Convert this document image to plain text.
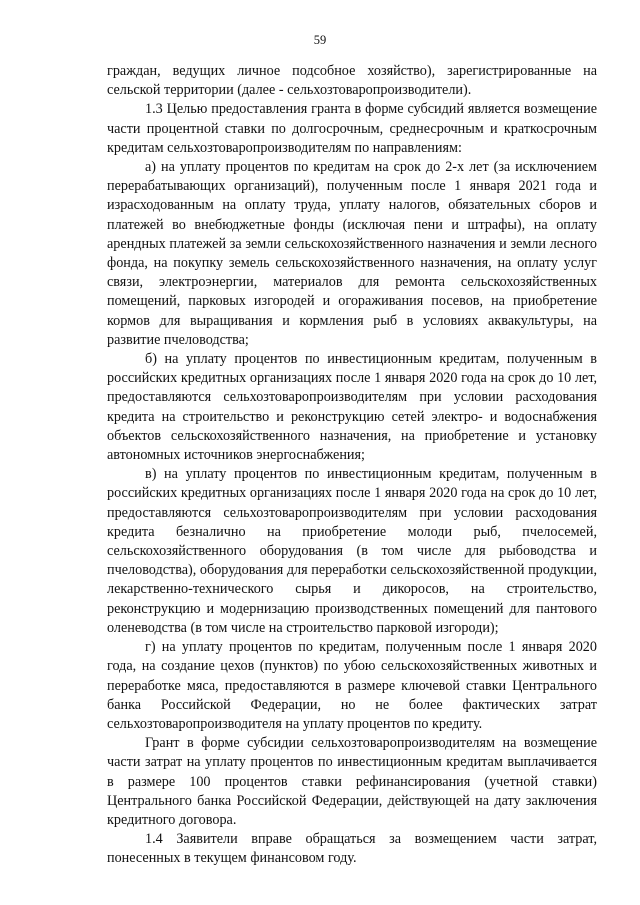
59

граждан, ведущих личное подсобное хозяйство), зарегистрированные на сельской территории (далее - сельхозтоваропроизводители).

1.3 Целью предоставления гранта в форме субсидий является возмещение части процентной ставки по долгосрочным, среднесрочным и краткосрочным кредитам сельхозтоваропроизводителям по направлениям:

а) на уплату процентов по кредитам на срок до 2-х лет (за исключением перерабатывающих организаций), полученным после 1 января 2021 года и израсходованным на оплату труда, уплату налогов, обязательных сборов и платежей во внебюджетные фонды (исключая пени и штрафы), на оплату арендных платежей за земли сельскохозяйственного назначения и земли лесного фонда, на покупку земель сельскохозяйственного назначения, на оплату услуг связи, электроэнергии, материалов для ремонта сельскохозяйственных помещений, парковых изгородей и огораживания посевов, на приобретение кормов для выращивания и кормления рыб в условиях аквакультуры, на развитие пчеловодства;

б) на уплату процентов по инвестиционным кредитам, полученным в российских кредитных организациях после 1 января 2020 года на срок до 10 лет, предоставляются сельхозтоваропроизводителям при условии расходования кредита на строительство и реконструкцию сетей электро- и водоснабжения объектов сельскохозяйственного назначения, на приобретение и установку автономных источников энергоснабжения;

в) на уплату процентов по инвестиционным кредитам, полученным в российских кредитных организациях после 1 января 2020 года на срок до 10 лет, предоставляются сельхозтоваропроизводителям при условии расходования кредита безналично на приобретение молоди рыб, пчелосемей, сельскохозяйственного оборудования (в том числе для рыбоводства и пчеловодства), оборудования для переработки сельскохозяйственной продукции, лекарственно-технического сырья и дикоросов, на строительство, реконструкцию и модернизацию производственных помещений для пантового оленеводства (в том числе на строительство парковой изгороди);

г) на уплату процентов по кредитам, полученным после 1 января 2020 года, на создание цехов (пунктов) по убою сельскохозяйственных животных и переработке мяса, предоставляются в размере ключевой ставки Центрального банка Российской Федерации, но не более фактических затрат сельхозтоваропроизводителя на уплату процентов по кредиту.

Грант в форме субсидии сельхозтоваропроизводителям на возмещение части затрат на уплату процентов по инвестиционным кредитам выплачивается в размере 100 процентов ставки рефинансирования (учетной ставки) Центрального банка Российской Федерации, действующей на дату заключения кредитного договора.

1.4 Заявители вправе обращаться за возмещением части затрат, понесенных в текущем финансовом году.
